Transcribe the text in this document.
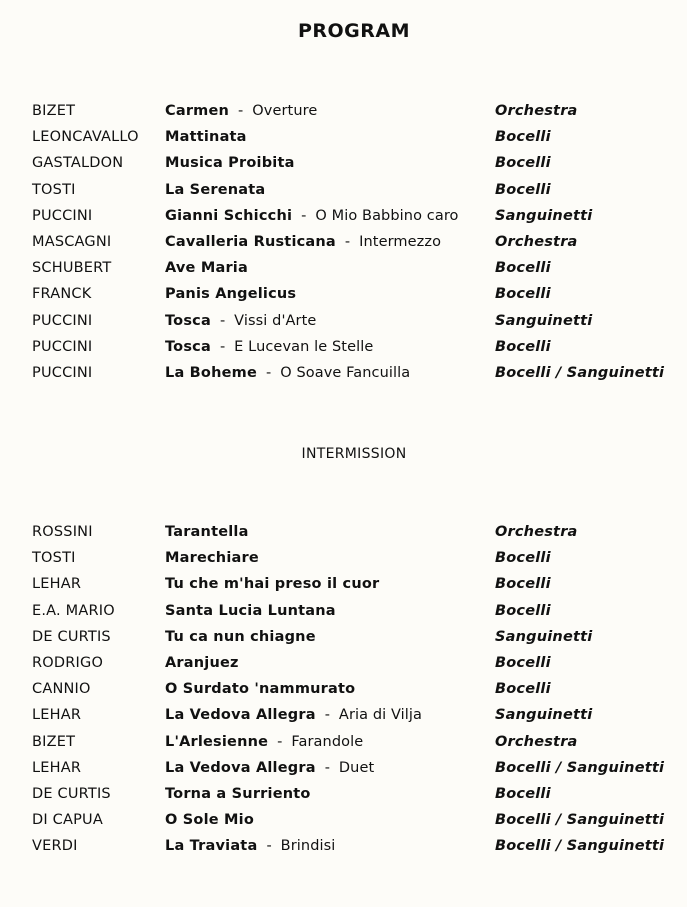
PROGRAM
BIZET	Carmen - Overture	Orchestra
LEONCAVALLO Mattinata	Bocelli
GASTALDON	Musica Proibita	Bocelli
TOSTI	La Serenata	Bocelli
PUCCINI	Gianni Schicchi - O Mio Babbino caro	Sanguinetti
MASCAGNI	Cavalleria Rusticana - Intermezzo	Orchestra
SCHUBERT	Ave Maria	Bocelli
FRANCK	Panis Angelicus	Bocelli
PUCCINI	Tosca - Vissi d'Arte	Sanguinetti
PUCCINI	Tosca - E Lucevan le Stelle	Bocelli
PUCCINI	La Boheme - O Soave Fancuilla	Bocelli / Sanguinetti
INTERMISSION
ROSSINI	Tarantella	Orchestra
TOSTI	Marechiare	Bocelli
LEHAR	Tu che m'hai preso il cuor	Bocelli
E.A. MARIO	Santa Lucia Luntana	Bocelli
DE CURTIS	Tu ca nun chiagne	Sanguinetti
RODRIGO	Aranjuez	Bocelli
CANNIO	O Surdato 'nammurato	Bocelli
LEHAR	La Vedova Allegra - Aria di Vilja	Sanguinetti
BIZET	L'Arlesienne - Farandole	Orchestra
LEHAR	La Vedova Allegra - Duet	Bocelli / Sanguinetti
DE CURTIS	Torna a Surriento	Bocelli
DI CAPUA	O Sole Mio	Bocelli / Sanguinetti
VERDI	La Traviata - Brindisi	Bocelli / Sanguinetti
